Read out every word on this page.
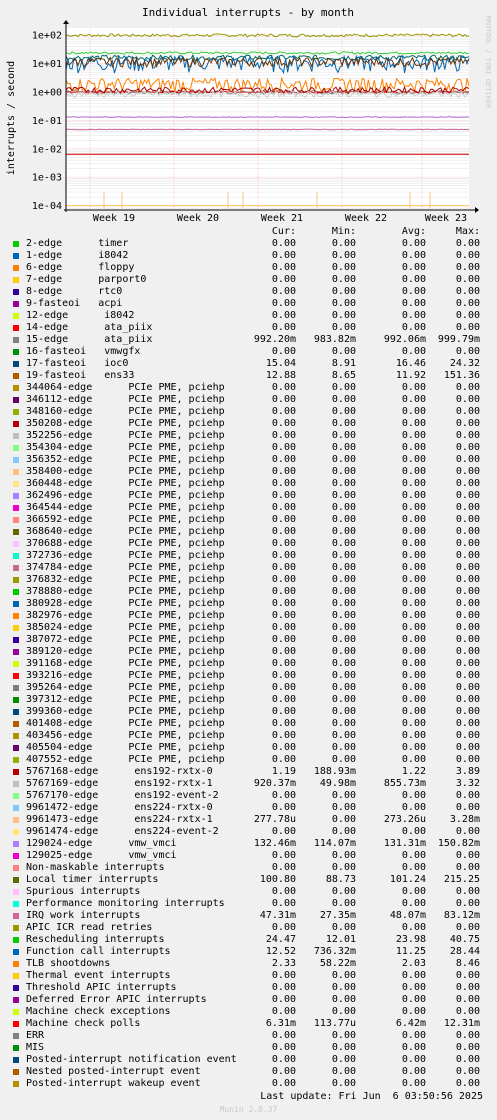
Individual interrupts - by month
interrupts / second	RRDTOOL / TOBI OETIKER
1e+02
1e+01
1e+00
1e-01
1e-02
1e-03
1e-04
Week 19	Week 20	Week 21	Week 22	Week 23

Cur:

	Min:

	Avg:

	Max:

2-edge      timer	0.00	0.00	0.00	0.00
1-edge      i8042	0.00	0.00	0.00	0.00
6-edge      floppy	0.00	0.00	0.00	0.00
7-edge      parport0	0.00	0.00	0.00	0.00
8-edge      rtc0	0.00	0.00	0.00	0.00
9-fasteoi   acpi	0.00	0.00	0.00	0.00
12-edge      i8042	0.00	0.00	0.00	0.00
14-edge      ata_piix	0.00	0.00	0.00	0.00
15-edge      ata_piix	992.20m	983.82m	992.06m	999.79m
16-fasteoi   vmwgfx	0.00	0.00	0.00	0.00
17-fasteoi   ioc0	15.04	8.91	16.46	24.32
19-fasteoi   ens33	12.88	8.65	11.92	151.36
344064-edge      PCIe PME, pciehp	0.00	0.00	0.00	0.00
346112-edge      PCIe PME, pciehp	0.00	0.00	0.00	0.00
348160-edge      PCIe PME, pciehp	0.00	0.00	0.00	0.00
350208-edge      PCIe PME, pciehp	0.00	0.00	0.00	0.00
352256-edge      PCIe PME, pciehp	0.00	0.00	0.00	0.00
354304-edge      PCIe PME, pciehp	0.00	0.00	0.00	0.00
356352-edge      PCIe PME, pciehp	0.00	0.00	0.00	0.00
358400-edge      PCIe PME, pciehp	0.00	0.00	0.00	0.00
360448-edge      PCIe PME, pciehp	0.00	0.00	0.00	0.00
362496-edge      PCIe PME, pciehp	0.00	0.00	0.00	0.00
364544-edge      PCIe PME, pciehp	0.00	0.00	0.00	0.00
366592-edge      PCIe PME, pciehp	0.00	0.00	0.00	0.00
368640-edge      PCIe PME, pciehp	0.00	0.00	0.00	0.00
370688-edge      PCIe PME, pciehp	0.00	0.00	0.00	0.00
372736-edge      PCIe PME, pciehp	0.00	0.00	0.00	0.00
374784-edge      PCIe PME, pciehp	0.00	0.00	0.00	0.00
376832-edge      PCIe PME, pciehp	0.00	0.00	0.00	0.00
378880-edge      PCIe PME, pciehp	0.00	0.00	0.00	0.00
380928-edge      PCIe PME, pciehp	0.00	0.00	0.00	0.00
382976-edge      PCIe PME, pciehp	0.00	0.00	0.00	0.00
385024-edge      PCIe PME, pciehp	0.00	0.00	0.00	0.00
387072-edge      PCIe PME, pciehp	0.00	0.00	0.00	0.00
389120-edge      PCIe PME, pciehp	0.00	0.00	0.00	0.00
391168-edge      PCIe PME, pciehp	0.00	0.00	0.00	0.00
393216-edge      PCIe PME, pciehp	0.00	0.00	0.00	0.00
395264-edge      PCIe PME, pciehp	0.00	0.00	0.00	0.00
397312-edge      PCIe PME, pciehp	0.00	0.00	0.00	0.00
399360-edge      PCIe PME, pciehp	0.00	0.00	0.00	0.00
401408-edge      PCIe PME, pciehp	0.00	0.00	0.00	0.00
403456-edge      PCIe PME, pciehp	0.00	0.00	0.00	0.00
405504-edge      PCIe PME, pciehp	0.00	0.00	0.00	0.00
407552-edge      PCIe PME, pciehp	0.00	0.00	0.00	0.00
5767168-edge      ens192-rxtx-0	1.19	188.93m	1.22	3.89
5767169-edge      ens192-rxtx-1	920.37m	49.98m	855.73m	3.32
5767170-edge      ens192-event-2	0.00	0.00	0.00	0.00
9961472-edge      ens224-rxtx-0	0.00	0.00	0.00	0.00
9961473-edge      ens224-rxtx-1	277.78u	0.00	273.26u	3.28m
9961474-edge      ens224-event-2	0.00	0.00	0.00	0.00
129024-edge      vmw_vmci	132.46m	114.07m	131.31m	150.82m
129025-edge      vmw_vmci	0.00	0.00	0.00	0.00
Non-maskable interrupts	0.00	0.00	0.00	0.00
Local timer interrupts	100.80	88.73	101.24	215.25
Spurious interrupts	0.00	0.00	0.00	0.00
Performance monitoring interrupts	0.00	0.00	0.00	0.00
IRQ work interrupts	47.31m	27.35m	48.07m	83.12m
APIC ICR read retries	0.00	0.00	0.00	0.00
Rescheduling interrupts	24.47	12.01	23.98	40.75
Function call interrupts	12.52	736.32m	11.25	28.44
TLB shootdowns	2.33	58.22m	2.03	8.46
Thermal event interrupts	0.00	0.00	0.00	0.00
Threshold APIC interrupts	0.00	0.00	0.00	0.00
Deferred Error APIC interrupts	0.00	0.00	0.00	0.00
Machine check exceptions	0.00	0.00	0.00	0.00
Machine check polls	6.31m	113.77u	6.42m	12.31m
ERR	0.00	0.00	0.00	0.00
MIS	0.00	0.00	0.00	0.00
Posted-interrupt notification event	0.00	0.00	0.00	0.00
Nested posted-interrupt event	0.00	0.00	0.00	0.00
Posted-interrupt wakeup event	0.00	0.00	0.00	0.00
Last update: Fri Jun  6 03:50:56 2025
Munin 2.0.37
